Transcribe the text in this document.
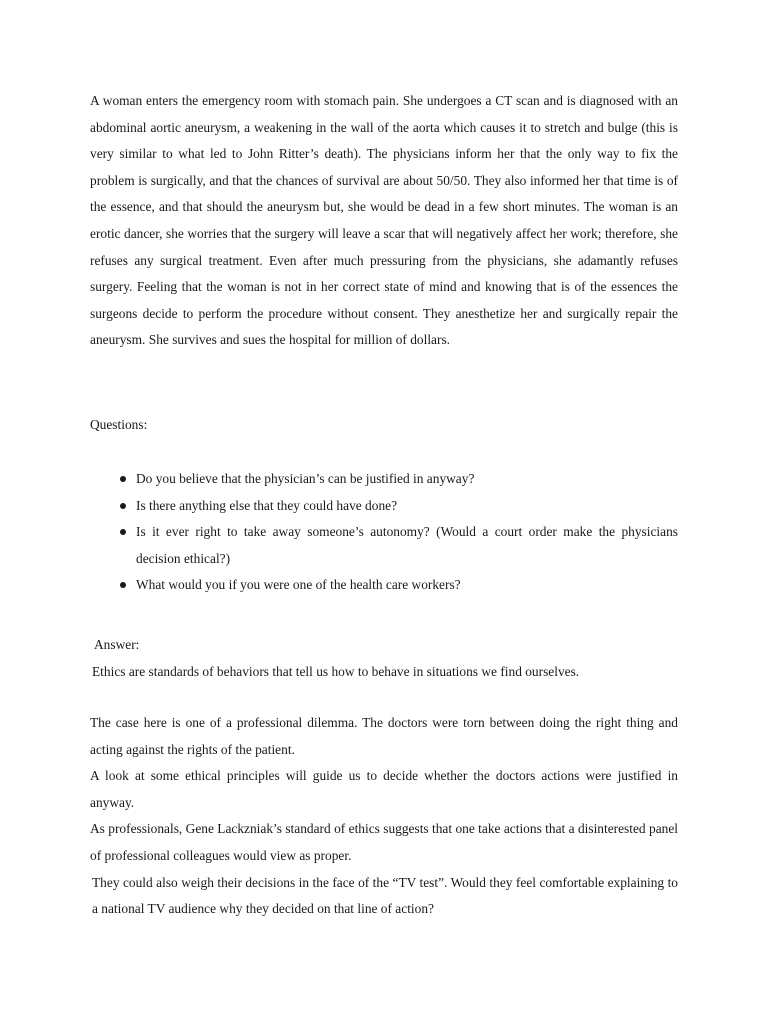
A woman enters the emergency room with stomach pain. She undergoes a CT scan and is diagnosed with an abdominal aortic aneurysm, a weakening in the wall of the aorta which causes it to stretch and bulge (this is very similar to what led to John Ritter’s death). The physicians inform her that the only way to fix the problem is surgically, and that the chances of survival are about 50/50. They also informed her that time is of the essence, and that should the aneurysm but, she would be dead in a few short minutes. The woman is an erotic dancer, she worries that the surgery will leave a scar that will negatively affect her work; therefore, she refuses any surgical treatment. Even after much pressuring from the physicians, she adamantly refuses surgery. Feeling that the woman is not in her correct state of mind and knowing that is of the essences the surgeons decide to perform the procedure without consent. They anesthetize her and surgically repair the aneurysm. She survives and sues the hospital for million of dollars.

Questions:

Do you believe that the physician’s can be justified in anyway?
Is there anything else that they could have done?
Is it ever right to take away someone’s autonomy? (Would a court order make the physicians decision ethical?)
What would you if you were one of the health care workers?

Answer:

Ethics are standards of behaviors that tell us how to behave in situations we find ourselves.

The case here is one of a professional dilemma. The doctors were torn between doing the right thing and acting against the rights of the patient.

A look at some ethical principles will guide us to decide whether the doctors actions were justified in anyway.

As professionals, Gene Lackzniak’s standard of ethics suggests that one take actions that a disinterested panel of professional colleagues would view as proper.

They could also weigh their decisions in the face of the “TV test”. Would they feel comfortable explaining to a national TV audience why they decided on that line of action?
